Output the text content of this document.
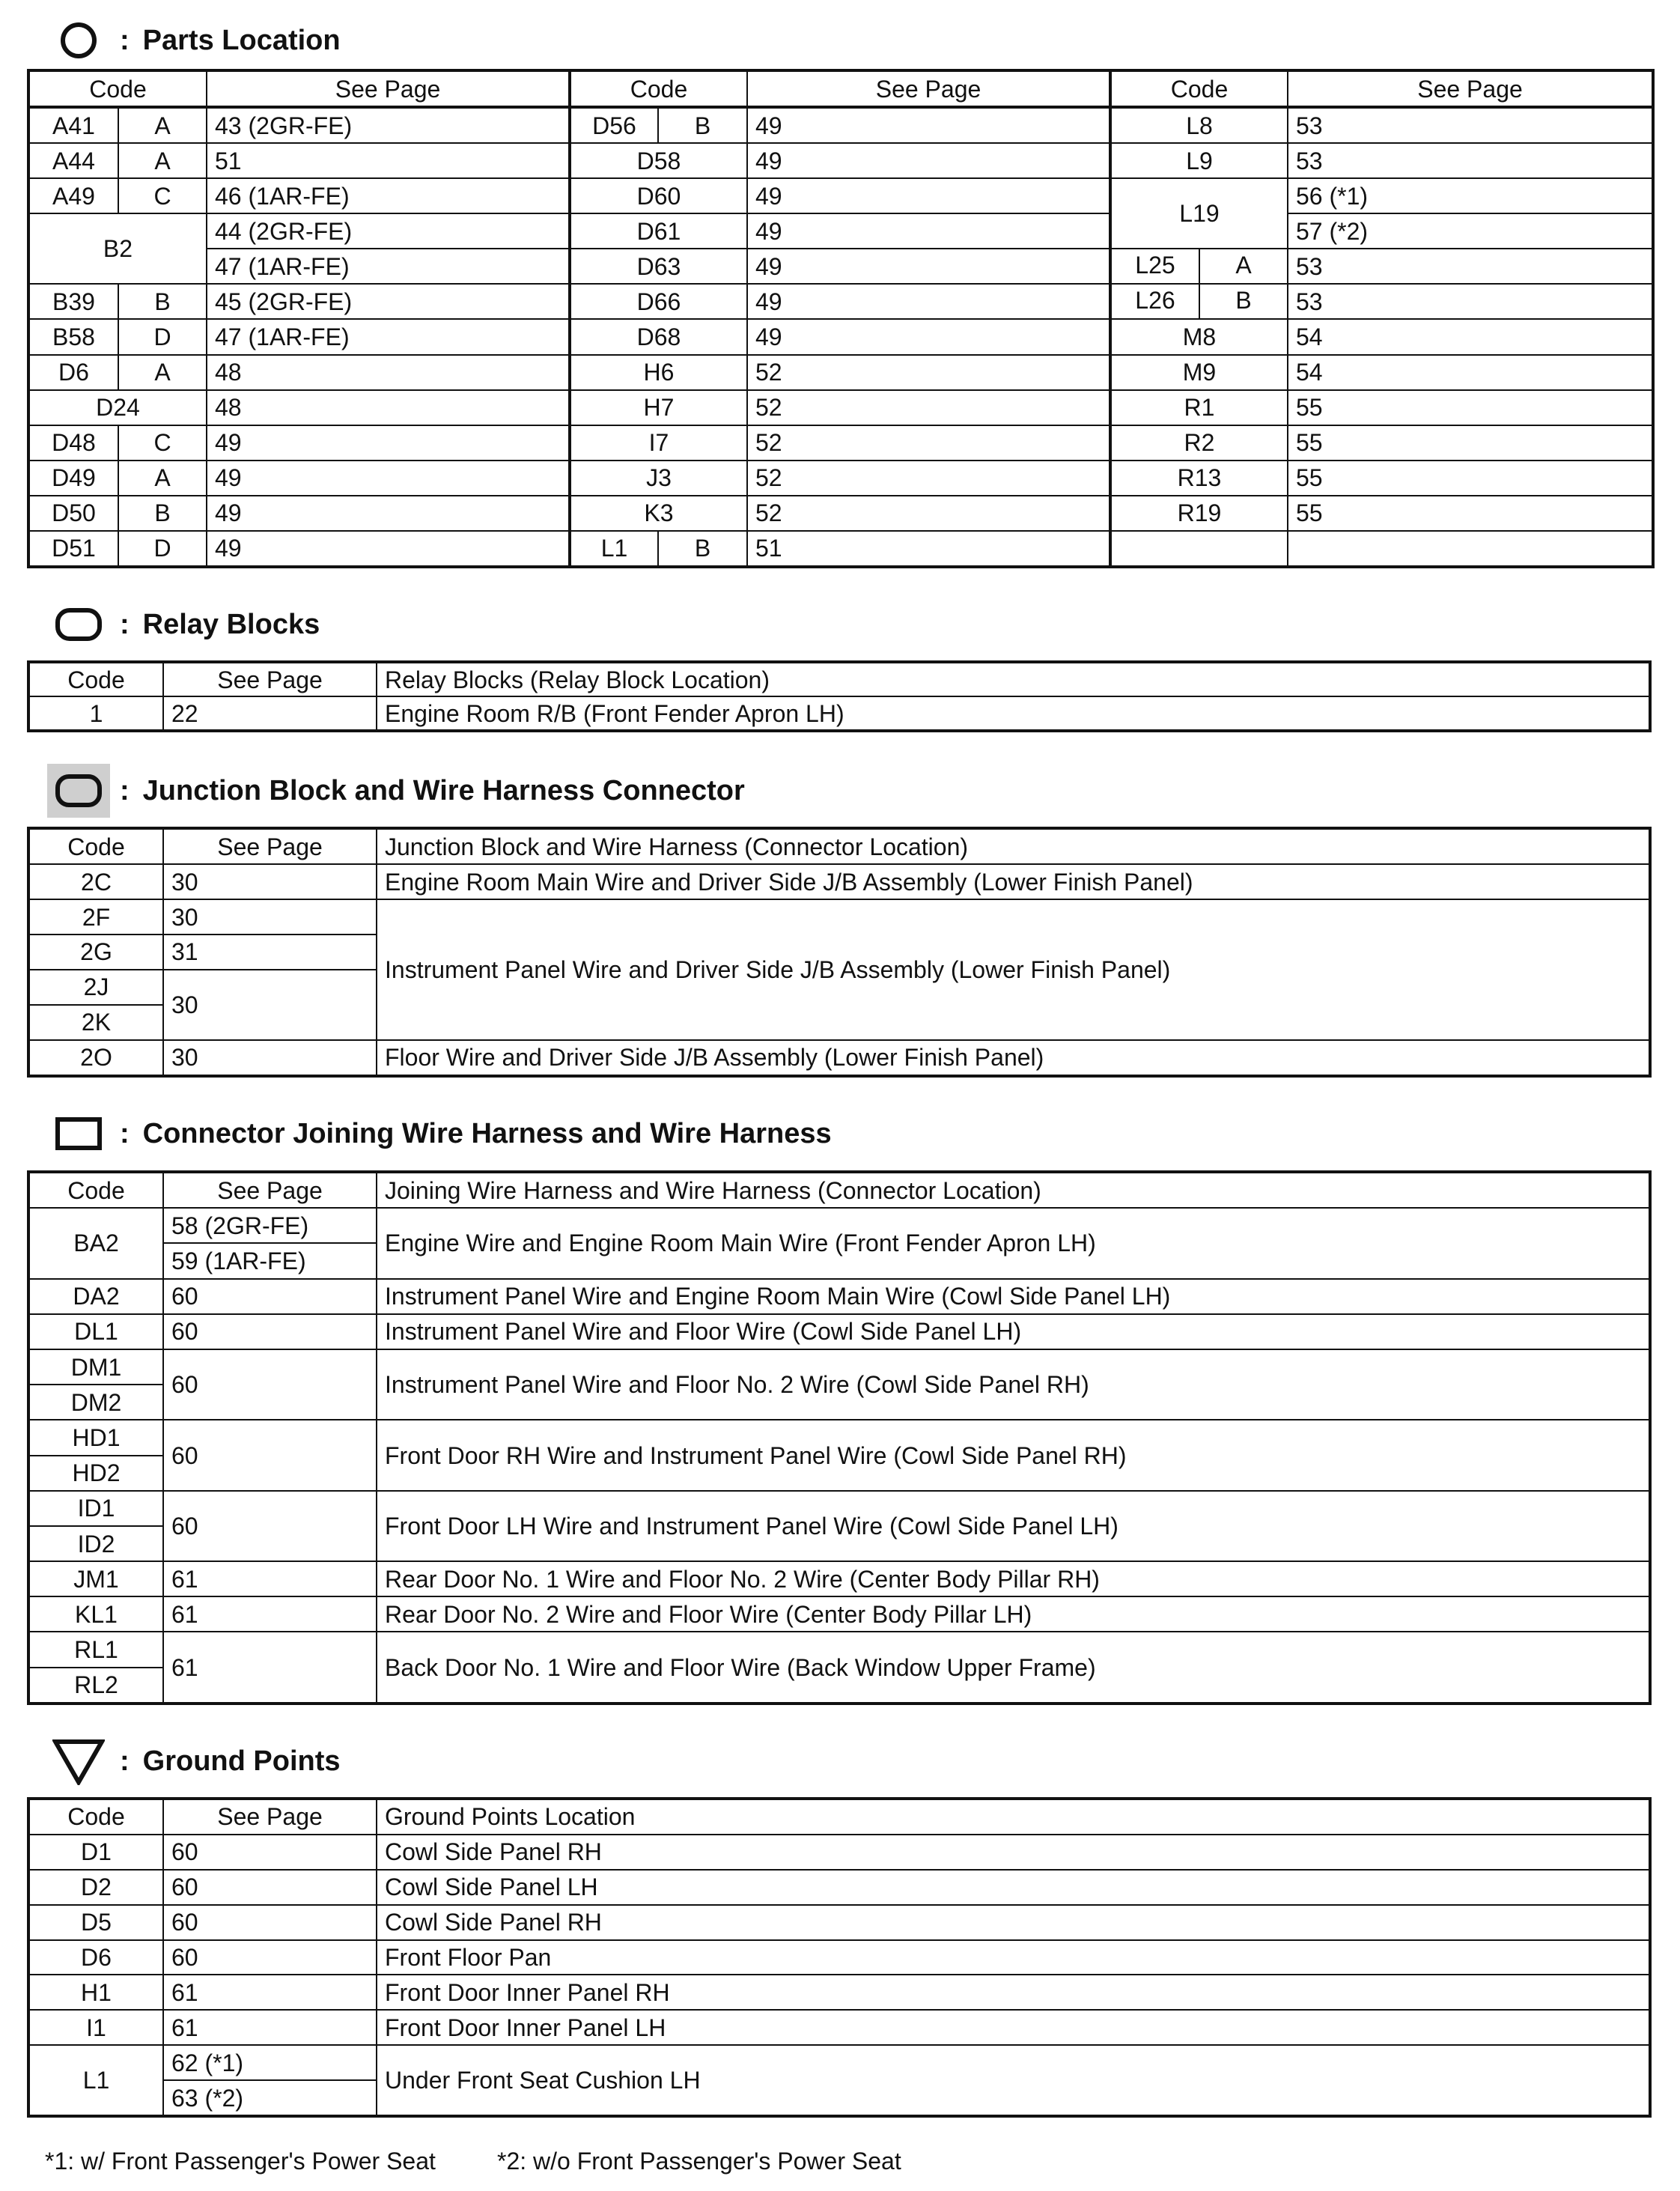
: Parts Location
Code		See Page	Code		See Page	Code	See Page
A41	A	43 (2GR-FE)	D56	B	49	L8	53
A44	A	51	D58		49	L9	53
A49	C	46 (1AR-FE)	D60		49	L19	56 (*1)
B2		44 (2GR-FE)	D61		49		57 (*2)
		47 (1AR-FE)	D63		49	L25 A	53
B39	B	45 (2GR-FE)	D66		49	L26 B	53
B58	D	47 (1AR-FE)	D68		49	M8	54
D6	A	48	H6		52	M9	54
D24		48	H7		52	R1	55
D48	C	49	I7		52	R2	55
D49	A	49	J3		52	R13	55
D50	B	49	K3		52	R19	55
D51	D	49	L1	B	51		
: Relay Blocks
Code	See Page	Relay Blocks (Relay Block Location)
1	22	Engine Room R/B (Front Fender Apron LH)
: Junction Block and Wire Harness Connector
Code	See Page	Junction Block and Wire Harness (Connector Location)
2C	30	Engine Room Main Wire and Driver Side J/B Assembly (Lower Finish Panel)
2F	30	Instrument Panel Wire and Driver Side J/B Assembly (Lower Finish Panel)
2G	31	
2J	30	
2K		
2O	30	Floor Wire and Driver Side J/B Assembly (Lower Finish Panel)
: Connector Joining Wire Harness and Wire Harness
Code	See Page	Joining Wire Harness and Wire Harness (Connector Location)
BA2	58 (2GR-FE)	Engine Wire and Engine Room Main Wire (Front Fender Apron LH)
	59 (1AR-FE)	
DA2	60	Instrument Panel Wire and Engine Room Main Wire (Cowl Side Panel LH)
DL1	60	Instrument Panel Wire and Floor Wire (Cowl Side Panel LH)
DM1	60	Instrument Panel Wire and Floor No. 2 Wire (Cowl Side Panel RH)
DM2		
HD1	60	Front Door RH Wire and Instrument Panel Wire (Cowl Side Panel RH)
HD2		
ID1	60	Front Door LH Wire and Instrument Panel Wire (Cowl Side Panel LH)
ID2		
JM1	61	Rear Door No. 1 Wire and Floor No. 2 Wire (Center Body Pillar RH)
KL1	61	Rear Door No. 2 Wire and Floor Wire (Center Body Pillar LH)
RL1	61	Back Door No. 1 Wire and Floor Wire (Back Window Upper Frame)
RL2		
: Ground Points
Code	See Page	Ground Points Location
D1	60	Cowl Side Panel RH
D2	60	Cowl Side Panel LH
D5	60	Cowl Side Panel RH
D6	60	Front Floor Pan
H1	61	Front Door Inner Panel RH
I1	61	Front Door Inner Panel LH
L1	62 (*1)	Under Front Seat Cushion LH
	63 (*2)	
*1: w/ Front Passenger's Power Seat	*2: w/o Front Passenger's Power Seat
